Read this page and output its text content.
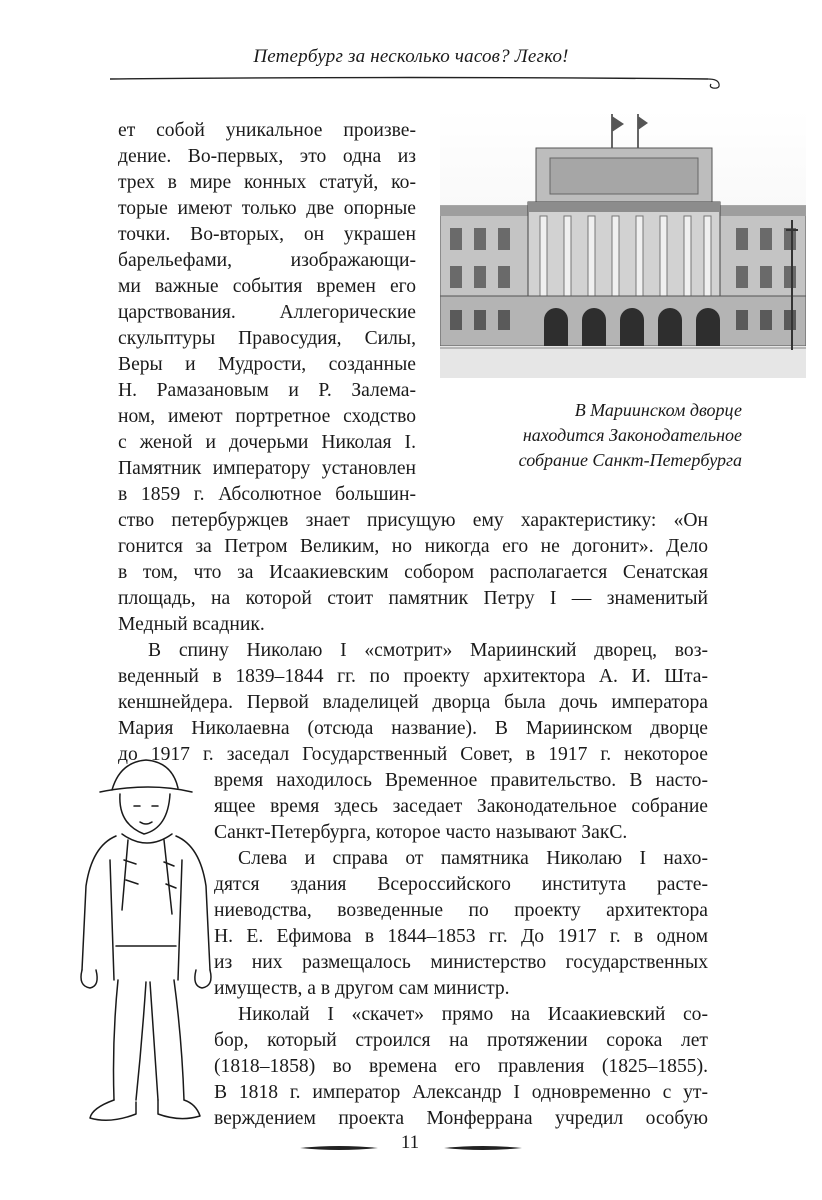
Петербург за несколько часов? Легко!
ет собой уникальное произве-
дение. Во-первых, это одна из
трех в мире конных статуй, ко-
торые имеют только две опорные
точки. Во-вторых, он украшен
барельефами, изображающи-
ми важные события времен его
царствования. Аллегорические
скульптуры Правосудия, Силы,
Веры и Мудрости, созданные
Н. Рамазановым и Р. Залема-
ном, имеют портретное сходство
с женой и дочерьми Николая I.
Памятник императору установлен
в 1859 г. Абсолютное большин-
ство петербуржцев знает присущую ему характеристику: «Он
гонится за Петром Великим, но никогда его не догонит». Дело
в том, что за Исаакиевским собором располагается Сенатская
площадь, на которой стоит памятник Петру I — знаменитый
Медный всадник.
В спину Николаю I «смотрит» Мариинский дворец, воз-
веденный в 1839–1844 гг. по проекту архитектора А. И. Шта-
кеншнейдера. Первой владелицей дворца была дочь императора
Мария Николаевна (отсюда название). В Мариинском дворце
до 1917 г. заседал Государственный Совет, в 1917 г. некоторое
время находилось Временное правительство. В насто-
ящее время здесь заседает Законодательное собрание
Санкт-Петербурга, которое часто называют ЗакС.
Слева и справа от памятника Николаю I нахо-
дятся здания Всероссийского института расте-
ниеводства, возведенные по проекту архитектора
Н. Е. Ефимова в 1844–1853 гг. До 1917 г. в одном
из них размещалось министерство государственных
имуществ, а в другом сам министр.
Николай I «скачет» прямо на Исаакиевский со-
бор, который строился на протяжении сорока лет
(1818–1858) во времена его правления (1825–1855).
В 1818 г. император Александр I одновременно с ут-
верждением проекта Монферрана учредил особую
В Мариинском дворце
находится Законодательное
собрание Санкт-Петербурга
11
